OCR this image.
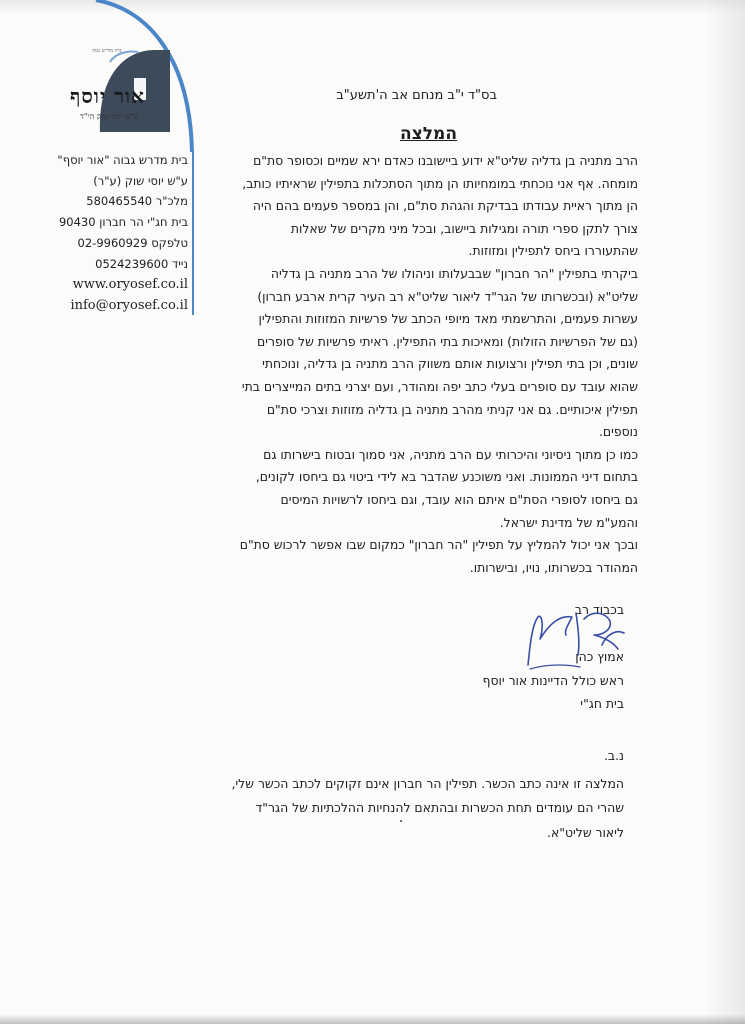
בית מדרש גבוה
אור יוסף
ע"ש יוסי שוק הי"ד
בית מדרש גבוה "אור יוסף"
ע"ש יוסי שוק (ע"ר)
מלכ"ר 580465540
בית חג"י הר חברון 90430
טלפקס 02-9960929
נייד 0524239600
www.oryosef.co.il
info@oryosef.co.il
בס"ד י"ב מנחם אב ה'תשע"ב
המלצה
הרב מתניה בן גדליה שליט"א ידוע ביישובנו כאדם ירא שמיים וכסופר סת"ם
מומחה. אף אני נוכחתי במומחיותו הן מתוך הסתכלות בתפילין שראיתיו כותב,
הן מתוך ראיית עבודתו בבדיקת והגהת סת"ם, והן במספר פעמים בהם היה
צורך לתקן ספרי תורה ומגילות ביישוב, ובכל מיני מקרים של שאלות
שהתעוררו ביחס לתפילין ומזוזות.
ביקרתי בתפילין "הר חברון" שבבעלותו וניהולו של הרב מתניה בן גדליה
שליט"א (ובכשרותו של הגר"ד ליאור שליט"א רב העיר קרית ארבע חברון)
עשרות פעמים, והתרשמתי מאד מיופי הכתב של פרשיות המזוזות והתפילין
(גם של הפרשיות הזולות) ומאיכות בתי התפילין. ראיתי פרשיות של סופרים
שונים, וכן בתי תפילין ורצועות אותם משווק הרב מתניה בן גדליה, ונוכחתי
שהוא עובד עם סופרים בעלי כתב יפה ומהודר, ועם יצרני בתים המייצרים בתי
תפילין איכותיים. גם אני קניתי מהרב מתניה בן גדליה מזוזות וצרכי סת"ם
נוספים.
כמו כן מתוך ניסיוני והיכרותי עם הרב מתניה, אני סמוך ובטוח בישרותו גם
בתחום דיני הממונות. ואני משוכנע שהדבר בא לידי ביטוי גם ביחסו לקונים,
גם ביחסו לסופרי הסת"ם איתם הוא עובד, וגם ביחסו לרשויות המיסים
והמע"מ של מדינת ישראל.
ובכך אני יכול להמליץ על תפילין "הר חברון" כמקום שבו אפשר לרכוש סת"ם
המהודר בכשרותו, נויו, ובישרותו.
בכבוד רב

אמוץ כהן
ראש כולל הדיינות אור יוסף
בית חג"י
נ.ב.
המלצה זו אינה כתב הכשר. תפילין הר חברון אינם זקוקים לכתב הכשר שלי,
שהרי הם עומדים תחת הכשרות ובהתאם להנחיות ההלכתיות של הגר"ד
ליאור שליט"א.
